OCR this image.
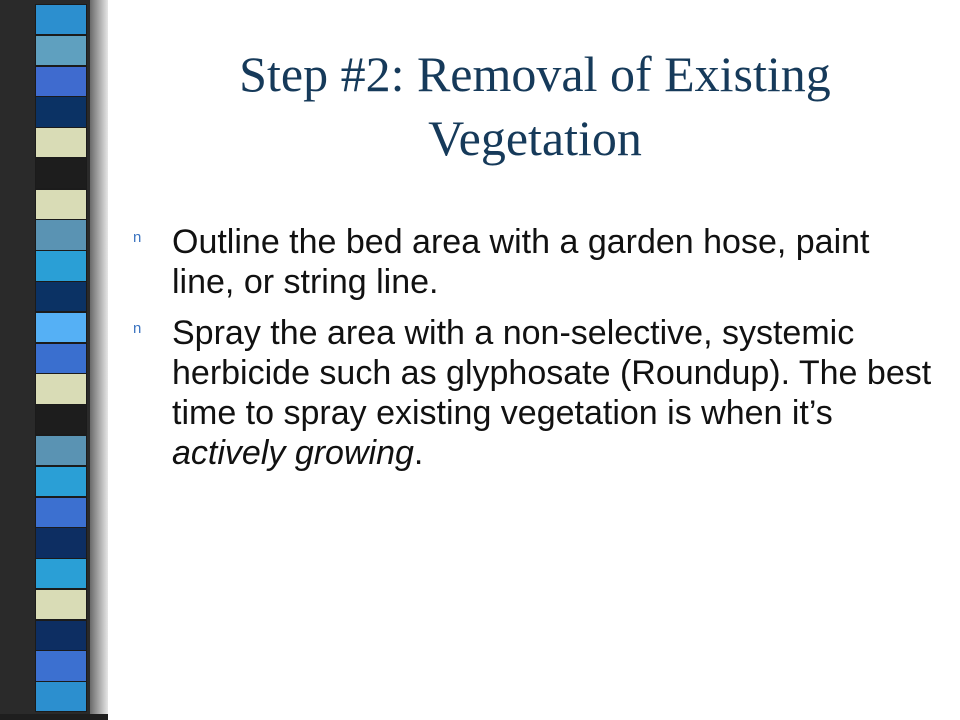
Step #2: Removal of Existing
Vegetation
n Outline the bed area with a garden hose, paint line, or string line.
n Spray the area with a non-selective, systemic herbicide such as glyphosate (Roundup). The best time to spray existing vegetation is when it’s actively growing.
